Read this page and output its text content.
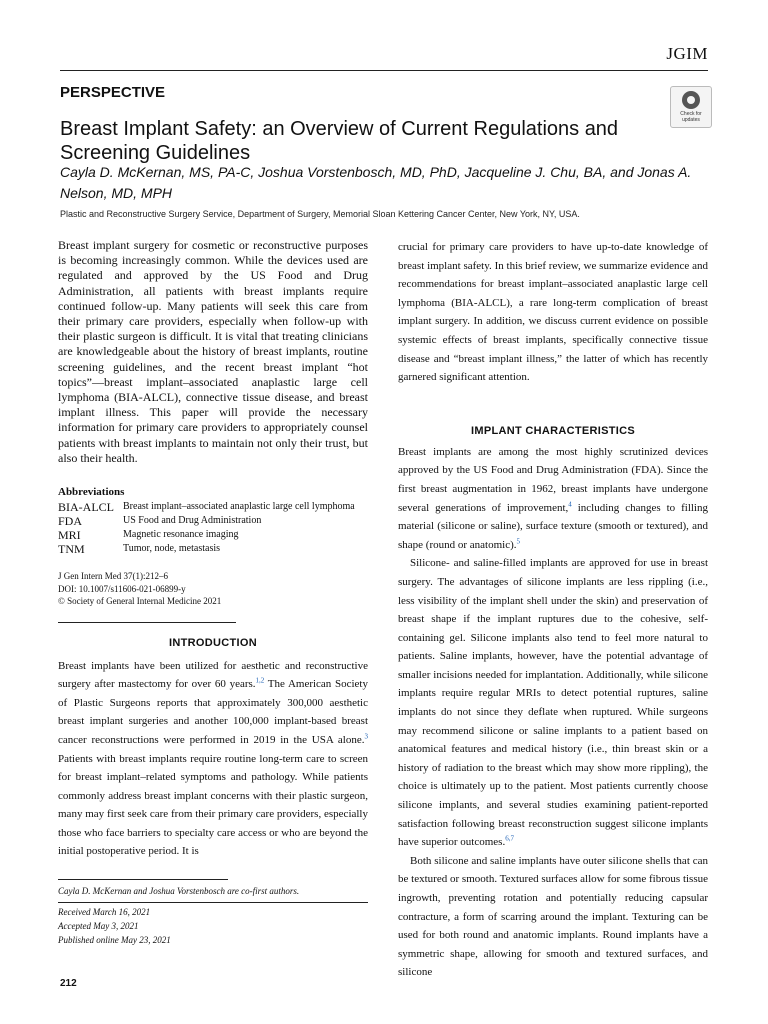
JGIM
PERSPECTIVE
Breast Implant Safety: an Overview of Current Regulations and Screening Guidelines
Check for updates
Cayla D. McKernan, MS, PA-C, Joshua Vorstenbosch, MD, PhD, Jacqueline J. Chu, BA, and Jonas A. Nelson, MD, MPH
Plastic and Reconstructive Surgery Service, Department of Surgery, Memorial Sloan Kettering Cancer Center, New York, NY, USA.

Breast implant surgery for cosmetic or reconstructive purposes is becoming increasingly common. While the devices used are regulated and approved by the US Food and Drug Administration, all patients with breast implants require continued follow-up. Many patients will seek this care from their primary care providers, especially when follow-up with their plastic surgeon is difficult. It is vital that treating clinicians are knowledgeable about the history of breast implants, routine screening guidelines, and the recent breast implant “hot topics”—breast implant–associated anaplastic large cell lymphoma (BIA-ALCL), connective tissue disease, and breast implant illness. This paper will provide the necessary information for primary care providers to appropriately counsel patients with breast implants to maintain not only their trust, but also their health.

Abbreviations
BIA-ALCL	Breast implant–associated anaplastic large cell lymphoma
FDA	US Food and Drug Administration
MRI	Magnetic resonance imaging
TNM	Tumor, node, metastasis
J Gen Intern Med 37(1):212–6
DOI: 10.1007/s11606-021-06899-y
© Society of General Internal Medicine 2021
INTRODUCTION

Breast implants have been utilized for aesthetic and reconstructive surgery after mastectomy for over 60 years.$^{1,2}$ The American Society of Plastic Surgeons reports that approximately 300,000 aesthetic breast implant surgeries and another 100,000 implant-based breast cancer reconstructions were performed in 2019 in the USA alone.$^3$ Patients with breast implants require routine long-term care to screen for breast implant–related symptoms and pathology. While patients commonly address breast implant concerns with their plastic surgeon, many may first seek care from their primary care providers, especially those who face barriers to specialty care access or who are beyond the initial postoperative period. It is

Cayla D. McKernan and Joshua Vorstenbosch are co-first authors.
Received March 16, 2021
Accepted May 3, 2021
Published online May 23, 2021
212

crucial for primary care providers to have up-to-date knowledge of breast implant safety. In this brief review, we summarize evidence and recommendations for breast implant–associated anaplastic large cell lymphoma (BIA-ALCL), a rare long-term complication of breast implant surgery. In addition, we discuss current evidence on possible systemic effects of breast implants, specifically connective tissue disease and “breast implant illness,” the latter of which has recently garnered significant attention.

IMPLANT CHARACTERISTICS

Breast implants are among the most highly scrutinized devices approved by the US Food and Drug Administration (FDA). Since the first breast augmentation in 1962, breast implants have undergone several generations of improvement,$^4$ including changes to filling material (silicone or saline), surface texture (smooth or textured), and shape (round or anatomic).$^5$

Silicone- and saline-filled implants are approved for use in breast surgery. The advantages of silicone implants are less rippling (i.e., less visibility of the implant shell under the skin) and preservation of breast shape if the implant ruptures due to the cohesive, self-containing gel. Silicone implants also tend to feel more natural to patients. Saline implants, however, have the potential advantage of smaller incisions needed for implantation. Additionally, while silicone implants require regular MRIs to detect potential ruptures, saline implants do not since they deflate when ruptured. While surgeons may recommend silicone or saline implants to a patient based on anatomical features and medical history (i.e., thin breast skin or a history of radiation to the breast which may show more rippling), the choice is ultimately up to the patient. Most patients currently choose silicone implants, and several studies examining patient-reported satisfaction following breast reconstruction suggest silicone implants have superior outcomes.$^{6,7}$

Both silicone and saline implants have outer silicone shells that can be textured or smooth. Textured surfaces allow for some fibrous tissue ingrowth, preventing rotation and potentially reducing capsular contracture, a form of scarring around the implant. Texturing can be used for both round and anatomic implants. Round implants have a symmetric shape, allowing for smooth and textured surfaces, and silicone
